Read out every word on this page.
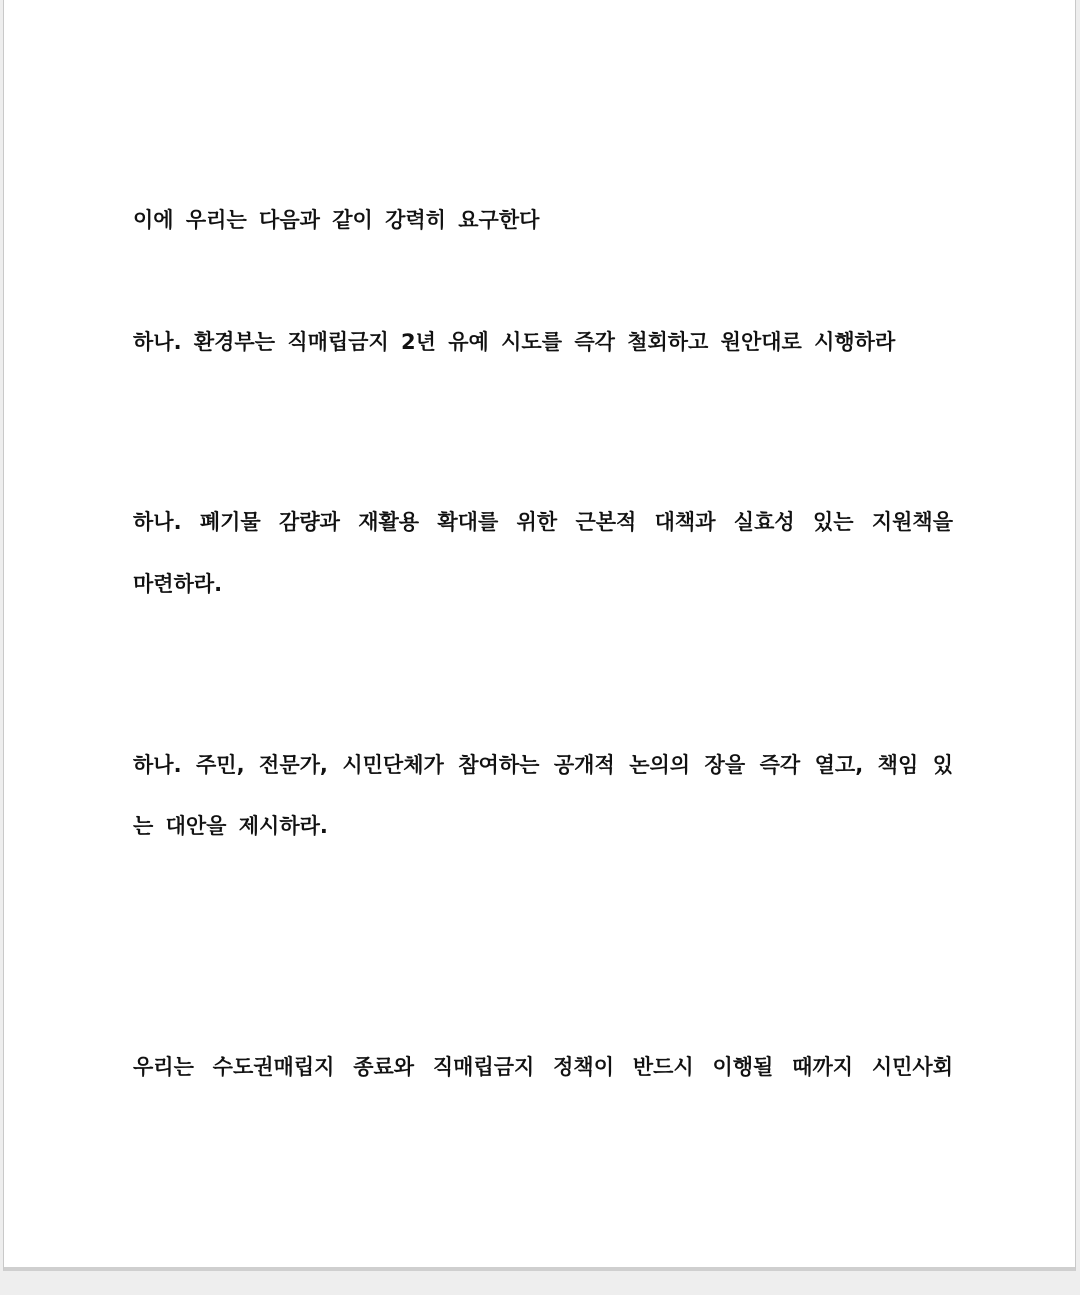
이에 우리는 다음과 같이 강력히 요구한다

하나. 환경부는 직매립금지 2년 유예 시도를 즉각 철회하고 원안대로 시행하라

하나. 폐기물 감량과 재활용 확대를 위한 근본적 대책과 실효성 있는 지원책을

마련하라.

하나. 주민, 전문가, 시민단체가 참여하는 공개적 논의의 장을 즉각 열고, 책임 있

는 대안을 제시하라.

우리는 수도권매립지 종료와 직매립금지 정책이 반드시 이행될 때까지 시민사회
